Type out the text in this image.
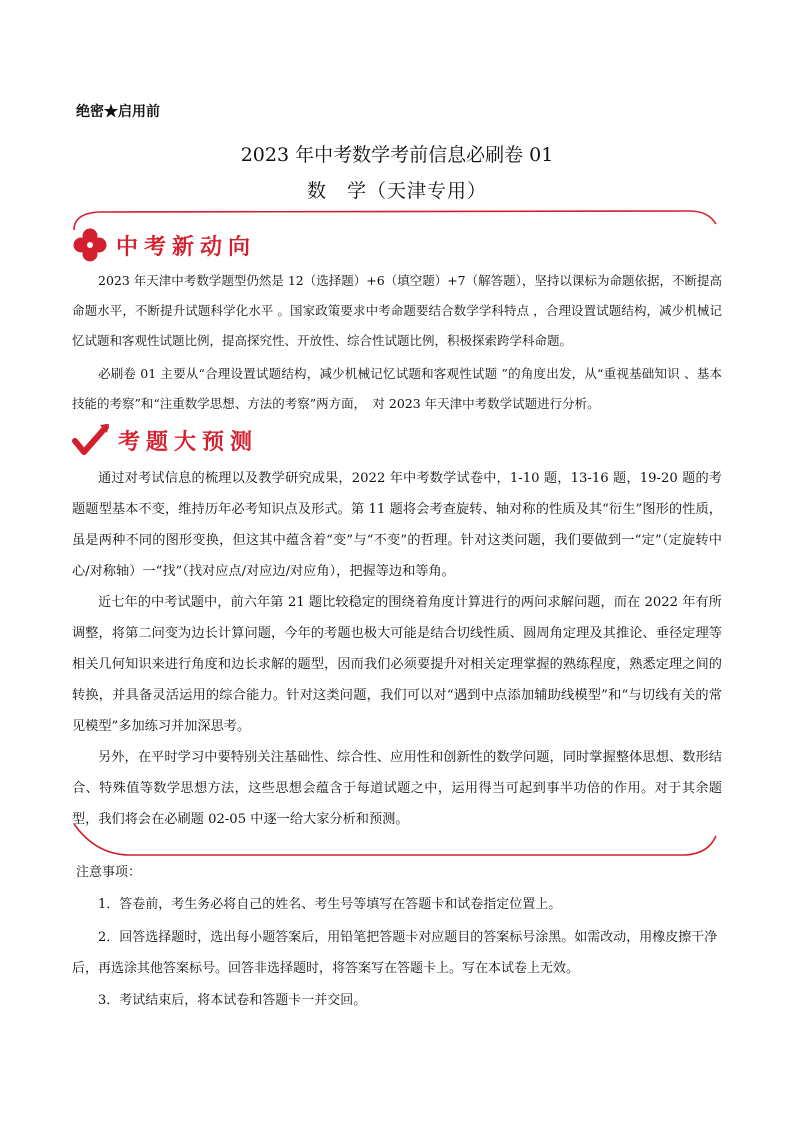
绝密★启用前
2023 年中考数学考前信息必刷卷 01
数　学（天津专用）
中考新动向
2023 年天津中考数学题型仍然是 12（选择题）+6（填空题）+7（解答题），坚持以课标为命题依据，不断提高命题水平，不断提升试题科学化水平 。国家政策要求中考命题要结合数学学科特点 ，合理设置试题结构，减少机械记忆试题和客观性试题比例，提高探究性、开放性、综合性试题比例，积极探索跨学科命题。
必刷卷 01 主要从“合理设置试题结构，减少机械记忆试题和客观性试题 ”的角度出发，从“重视基础知识 、基本技能的考察”和“注重数学思想、方法的考察”两方面，　对 2023 年天津中考数学试题进行分析。
考题大预测
通过对考试信息的梳理以及教学研究成果，2022 年中考数学试卷中，1-10 题，13-16 题，19-20 题的考题题型基本不变，维持历年必考知识点及形式。第 11 题将会考查旋转、轴对称的性质及其“衍生”图形的性质，虽是两种不同的图形变换，但这其中蕴含着“变”与“不变”的哲理。针对这类问题，我们要做到一“定”（定旋转中心/对称轴）一“找”（找对应点/对应边/对应角），把握等边和等角。
近七年的中考试题中，前六年第 21 题比较稳定的围绕着角度计算进行的两问求解问题，而在 2022 年有所调整，将第二问变为边长计算问题，今年的考题也极大可能是结合切线性质、圆周角定理及其推论、垂径定理等相关几何知识来进行角度和边长求解的题型，因而我们必须要提升对相关定理掌握的熟练程度，熟悉定理之间的转换，并具备灵活运用的综合能力。针对这类问题，我们可以对“遇到中点添加辅助线模型”和“与切线有关的常见模型”多加练习并加深思考。
另外，在平时学习中要特别关注基础性、综合性、应用性和创新性的数学问题，同时掌握整体思想、数形结合、特殊值等数学思想方法，这些思想会蕴含于每道试题之中，运用得当可起到事半功倍的作用。对于其余题型，我们将会在必刷题 02-05 中逐一给大家分析和预测。
注意事项：
1．答卷前，考生务必将自己的姓名、考生号等填写在答题卡和试卷指定位置上。
2．回答选择题时，选出每小题答案后，用铅笔把答题卡对应题目的答案标号涂黑。如需改动，用橡皮擦干净后，再选涂其他答案标号。回答非选择题时，将答案写在答题卡上。写在本试卷上无效。
3．考试结束后，将本试卷和答题卡一并交回。
